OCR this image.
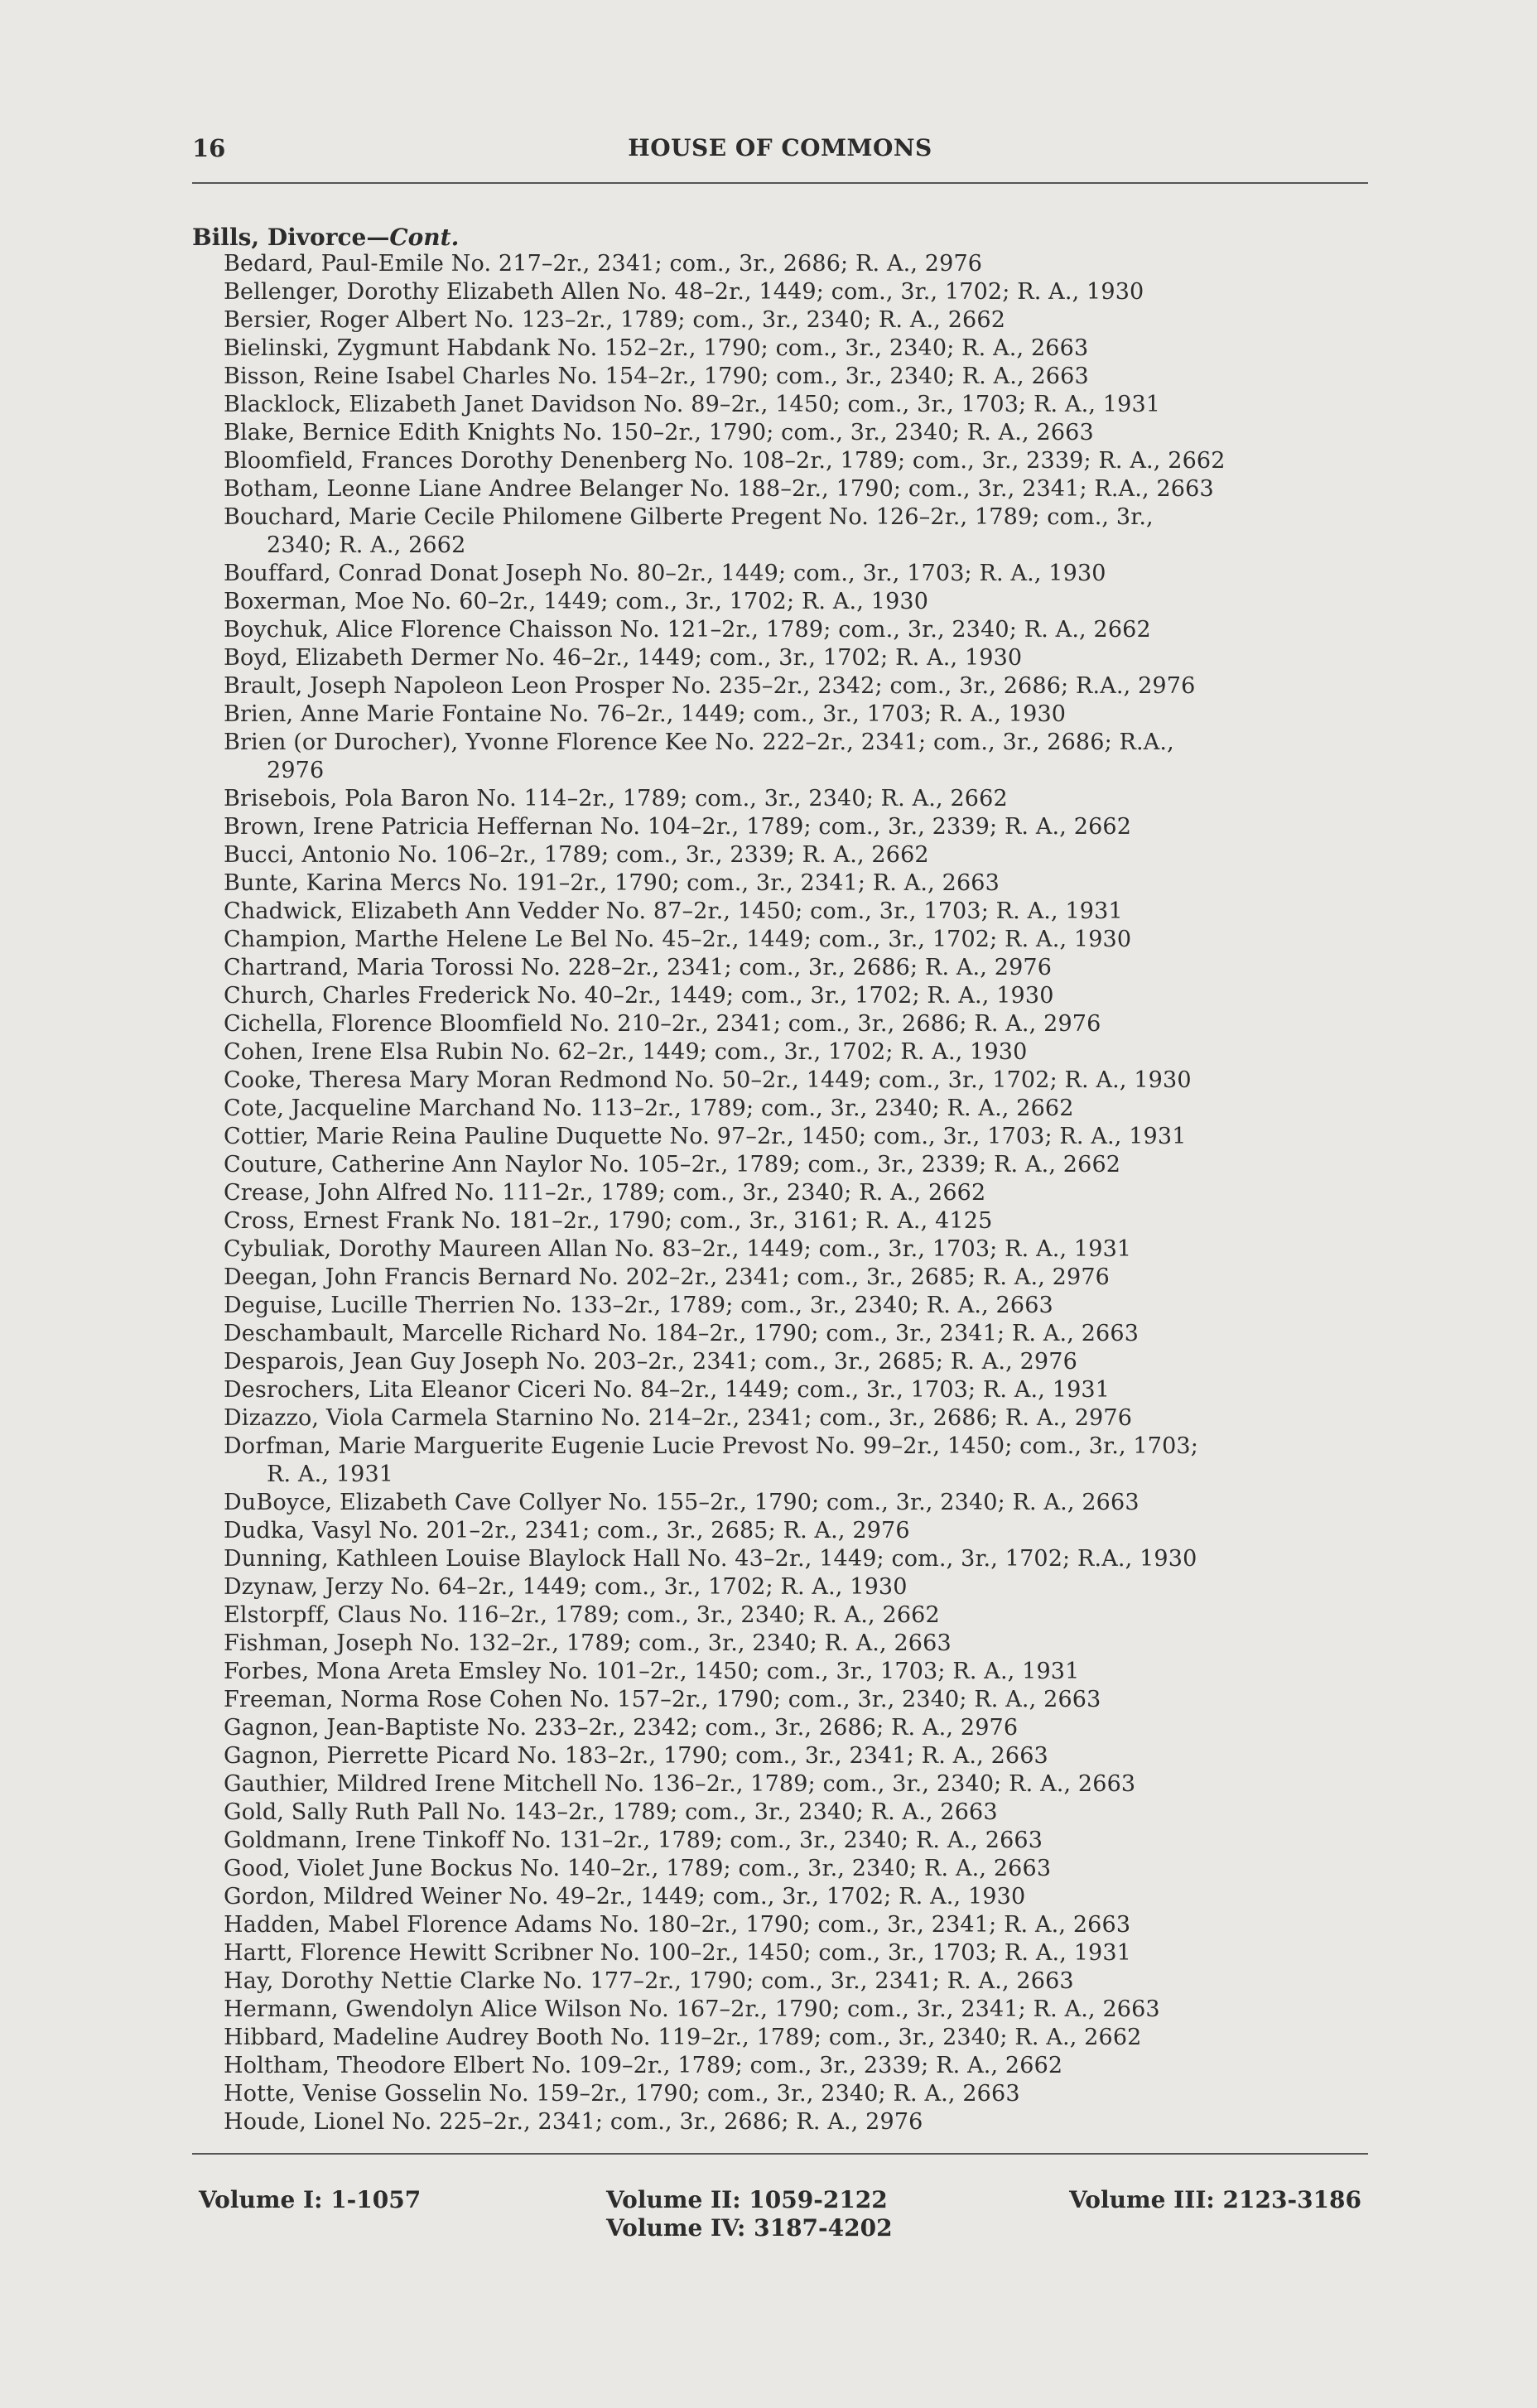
16	HOUSE OF COMMONS
Bills, Divorce—Cont.
Bedard, Paul-Emile No. 217–2r., 2341; com., 3r., 2686; R. A., 2976
Bellenger, Dorothy Elizabeth Allen No. 48–2r., 1449; com., 3r., 1702; R. A., 1930
Bersier, Roger Albert No. 123–2r., 1789; com., 3r., 2340; R. A., 2662
Bielinski, Zygmunt Habdank No. 152–2r., 1790; com., 3r., 2340; R. A., 2663
Bisson, Reine Isabel Charles No. 154–2r., 1790; com., 3r., 2340; R. A., 2663
Blacklock, Elizabeth Janet Davidson No. 89–2r., 1450; com., 3r., 1703; R. A., 1931
Blake, Bernice Edith Knights No. 150–2r., 1790; com., 3r., 2340; R. A., 2663
Bloomfield, Frances Dorothy Denenberg No. 108–2r., 1789; com., 3r., 2339; R. A., 2662
Botham, Leonne Liane Andree Belanger No. 188–2r., 1790; com., 3r., 2341; R.A., 2663
Bouchard, Marie Cecile Philomene Gilberte Pregent No. 126–2r., 1789; com., 3r.,
2340; R. A., 2662
Bouffard, Conrad Donat Joseph No. 80–2r., 1449; com., 3r., 1703; R. A., 1930
Boxerman, Moe No. 60–2r., 1449; com., 3r., 1702; R. A., 1930
Boychuk, Alice Florence Chaisson No. 121–2r., 1789; com., 3r., 2340; R. A., 2662
Boyd, Elizabeth Dermer No. 46–2r., 1449; com., 3r., 1702; R. A., 1930
Brault, Joseph Napoleon Leon Prosper No. 235–2r., 2342; com., 3r., 2686; R.A., 2976
Brien, Anne Marie Fontaine No. 76–2r., 1449; com., 3r., 1703; R. A., 1930
Brien (or Durocher), Yvonne Florence Kee No. 222–2r., 2341; com., 3r., 2686; R.A.,
2976
Brisebois, Pola Baron No. 114–2r., 1789; com., 3r., 2340; R. A., 2662
Brown, Irene Patricia Heffernan No. 104–2r., 1789; com., 3r., 2339; R. A., 2662
Bucci, Antonio No. 106–2r., 1789; com., 3r., 2339; R. A., 2662
Bunte, Karina Mercs No. 191–2r., 1790; com., 3r., 2341; R. A., 2663
Chadwick, Elizabeth Ann Vedder No. 87–2r., 1450; com., 3r., 1703; R. A., 1931
Champion, Marthe Helene Le Bel No. 45–2r., 1449; com., 3r., 1702; R. A., 1930
Chartrand, Maria Torossi No. 228–2r., 2341; com., 3r., 2686; R. A., 2976
Church, Charles Frederick No. 40–2r., 1449; com., 3r., 1702; R. A., 1930
Cichella, Florence Bloomfield No. 210–2r., 2341; com., 3r., 2686; R. A., 2976
Cohen, Irene Elsa Rubin No. 62–2r., 1449; com., 3r., 1702; R. A., 1930
Cooke, Theresa Mary Moran Redmond No. 50–2r., 1449; com., 3r., 1702; R. A., 1930
Cote, Jacqueline Marchand No. 113–2r., 1789; com., 3r., 2340; R. A., 2662
Cottier, Marie Reina Pauline Duquette No. 97–2r., 1450; com., 3r., 1703; R. A., 1931
Couture, Catherine Ann Naylor No. 105–2r., 1789; com., 3r., 2339; R. A., 2662
Crease, John Alfred No. 111–2r., 1789; com., 3r., 2340; R. A., 2662
Cross, Ernest Frank No. 181–2r., 1790; com., 3r., 3161; R. A., 4125
Cybuliak, Dorothy Maureen Allan No. 83–2r., 1449; com., 3r., 1703; R. A., 1931
Deegan, John Francis Bernard No. 202–2r., 2341; com., 3r., 2685; R. A., 2976
Deguise, Lucille Therrien No. 133–2r., 1789; com., 3r., 2340; R. A., 2663
Deschambault, Marcelle Richard No. 184–2r., 1790; com., 3r., 2341; R. A., 2663
Desparois, Jean Guy Joseph No. 203–2r., 2341; com., 3r., 2685; R. A., 2976
Desrochers, Lita Eleanor Ciceri No. 84–2r., 1449; com., 3r., 1703; R. A., 1931
Dizazzo, Viola Carmela Starnino No. 214–2r., 2341; com., 3r., 2686; R. A., 2976
Dorfman, Marie Marguerite Eugenie Lucie Prevost No. 99–2r., 1450; com., 3r., 1703;
R. A., 1931
DuBoyce, Elizabeth Cave Collyer No. 155–2r., 1790; com., 3r., 2340; R. A., 2663
Dudka, Vasyl No. 201–2r., 2341; com., 3r., 2685; R. A., 2976
Dunning, Kathleen Louise Blaylock Hall No. 43–2r., 1449; com., 3r., 1702; R.A., 1930
Dzynaw, Jerzy No. 64–2r., 1449; com., 3r., 1702; R. A., 1930
Elstorpff, Claus No. 116–2r., 1789; com., 3r., 2340; R. A., 2662
Fishman, Joseph No. 132–2r., 1789; com., 3r., 2340; R. A., 2663
Forbes, Mona Areta Emsley No. 101–2r., 1450; com., 3r., 1703; R. A., 1931
Freeman, Norma Rose Cohen No. 157–2r., 1790; com., 3r., 2340; R. A., 2663
Gagnon, Jean-Baptiste No. 233–2r., 2342; com., 3r., 2686; R. A., 2976
Gagnon, Pierrette Picard No. 183–2r., 1790; com., 3r., 2341; R. A., 2663
Gauthier, Mildred Irene Mitchell No. 136–2r., 1789; com., 3r., 2340; R. A., 2663
Gold, Sally Ruth Pall No. 143–2r., 1789; com., 3r., 2340; R. A., 2663
Goldmann, Irene Tinkoff No. 131–2r., 1789; com., 3r., 2340; R. A., 2663
Good, Violet June Bockus No. 140–2r., 1789; com., 3r., 2340; R. A., 2663
Gordon, Mildred Weiner No. 49–2r., 1449; com., 3r., 1702; R. A., 1930
Hadden, Mabel Florence Adams No. 180–2r., 1790; com., 3r., 2341; R. A., 2663
Hartt, Florence Hewitt Scribner No. 100–2r., 1450; com., 3r., 1703; R. A., 1931
Hay, Dorothy Nettie Clarke No. 177–2r., 1790; com., 3r., 2341; R. A., 2663
Hermann, Gwendolyn Alice Wilson No. 167–2r., 1790; com., 3r., 2341; R. A., 2663
Hibbard, Madeline Audrey Booth No. 119–2r., 1789; com., 3r., 2340; R. A., 2662
Holtham, Theodore Elbert No. 109–2r., 1789; com., 3r., 2339; R. A., 2662
Hotte, Venise Gosselin No. 159–2r., 1790; com., 3r., 2340; R. A., 2663
Houde, Lionel No. 225–2r., 2341; com., 3r., 2686; R. A., 2976
Volume I: 1-1057	Volume II: 1059-2122
Volume IV: 3187-4202
Volume III: 2123-3186
